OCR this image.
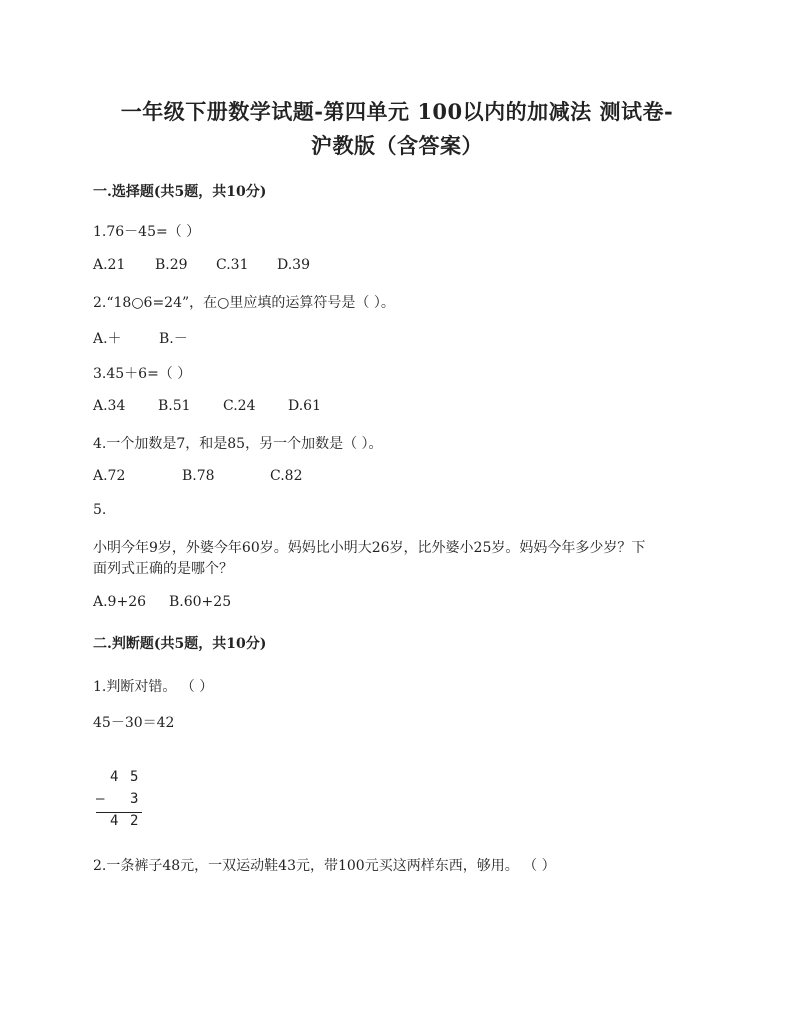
一年级下册数学试题-第四单元 100以内的加减法 测试卷-
沪教版（含答案）
一.选择题(共5题，共10分)
1.76－45=（ ）
A.21 B.29 C.31 D.39
2.“18○6=24”，在○里应填的运算符号是（ ）。
A.＋	B.－
3.45＋6=（ ）
A.34 B.51 C.24 D.61
4.一个加数是7，和是85，另一个加数是（ ）。
A.72	B.78	C.82
5.
小明今年9岁，外婆今年60岁。妈妈比小明大26岁，比外婆小25岁。妈妈今年多少岁？下
面列式正确的是哪个？
A.9+26 B.60+25
二.判断题(共5题，共10分)
1.判断对错。 （ ）
45－30＝42
4 5
— 3
4 2
2.一条裤子48元，一双运动鞋43元，带100元买这两样东西，够用。 （ ）
